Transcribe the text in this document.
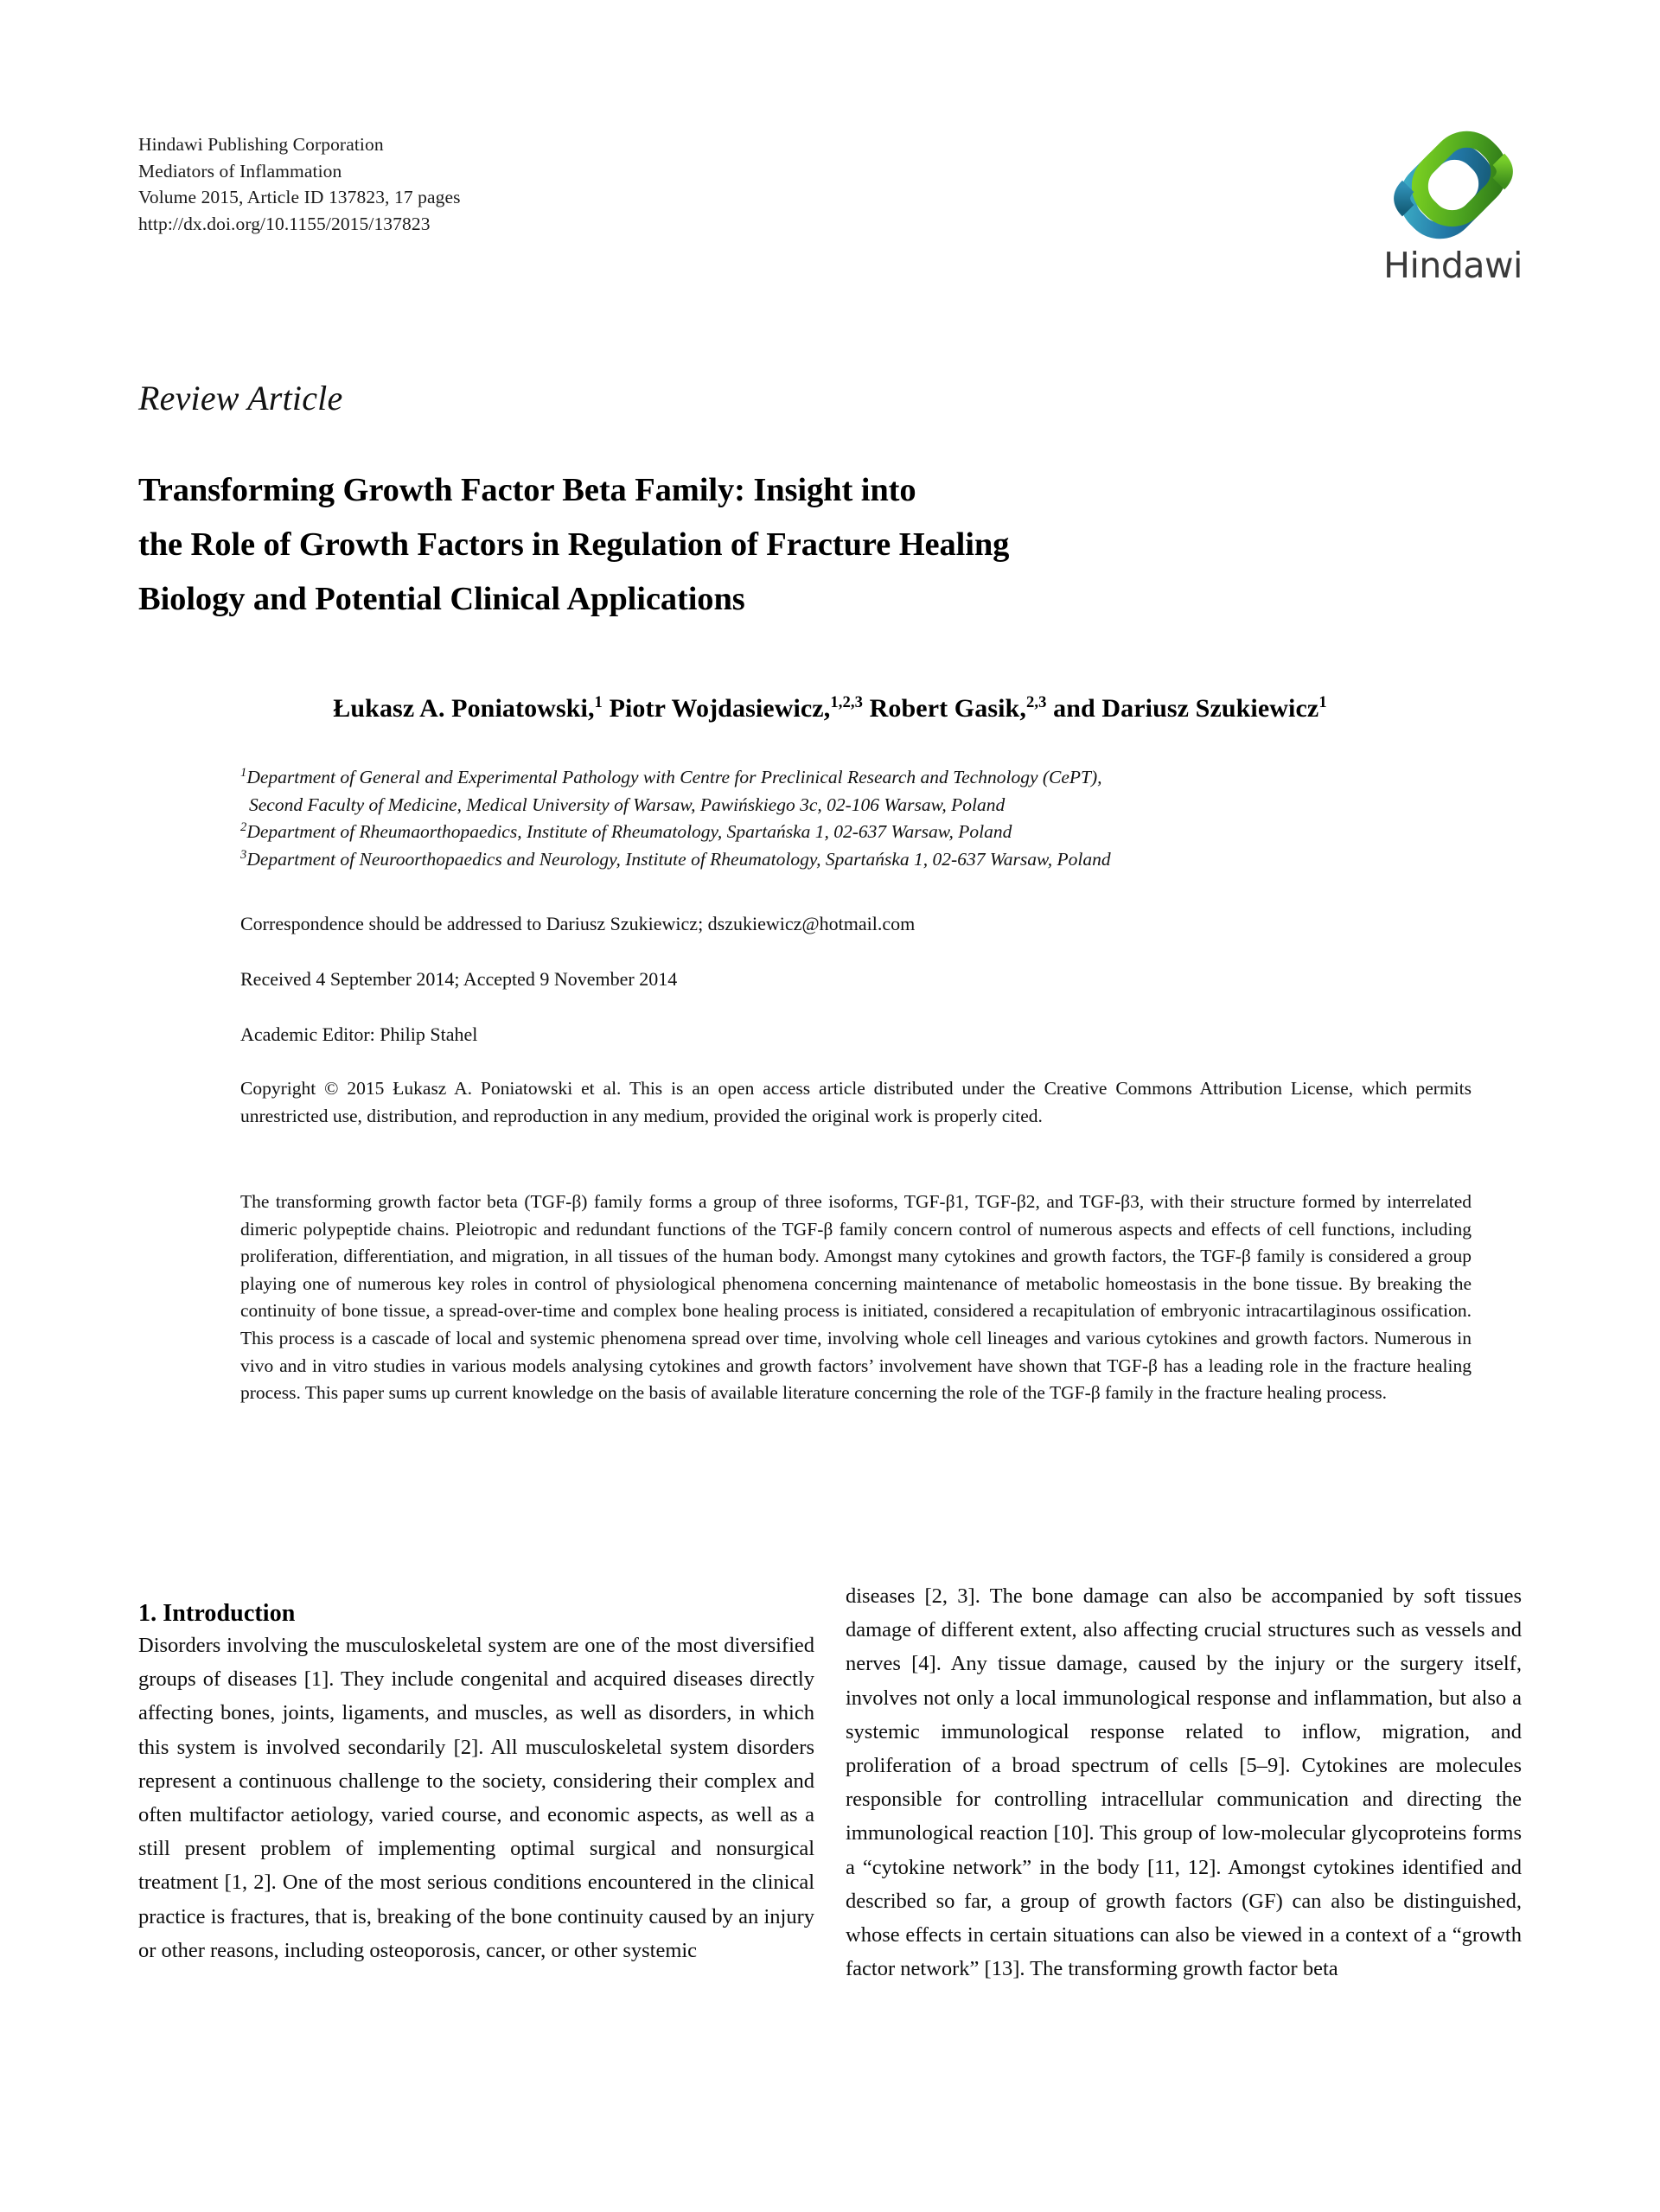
Hindawi Publishing Corporation
Mediators of Inflammation
Volume 2015, Article ID 137823, 17 pages
http://dx.doi.org/10.1155/2015/137823
Hindawi
Review Article
Transforming Growth Factor Beta Family: Insight into
the Role of Growth Factors in Regulation of Fracture Healing
Biology and Potential Clinical Applications
Łukasz A. Poniatowski,$^1$ Piotr Wojdasiewicz,$^{1,2,3}$ Robert Gasik,$^{2,3}$ and Dariusz Szukiewicz$^1$
$^1$Department of General and Experimental Pathology with Centre for Preclinical Research and Technology (CePT),
Second Faculty of Medicine, Medical University of Warsaw, Pawińskiego 3c, 02-106 Warsaw, Poland
$^2$Department of Rheumaorthopaedics, Institute of Rheumatology, Spartańska 1, 02-637 Warsaw, Poland
$^3$Department of Neuroorthopaedics and Neurology, Institute of Rheumatology, Spartańska 1, 02-637 Warsaw, Poland
Correspondence should be addressed to Dariusz Szukiewicz; dszukiewicz@hotmail.com
Received 4 September 2014; Accepted 9 November 2014
Academic Editor: Philip Stahel
Copyright © 2015 Łukasz A. Poniatowski et al. This is an open access article distributed under the Creative Commons Attribution License, which permits unrestricted use, distribution, and reproduction in any medium, provided the original work is properly cited.
The transforming growth factor beta (TGF-β) family forms a group of three isoforms, TGF-β1, TGF-β2, and TGF-β3, with their structure formed by interrelated dimeric polypeptide chains. Pleiotropic and redundant functions of the TGF-β family concern control of numerous aspects and effects of cell functions, including proliferation, differentiation, and migration, in all tissues of the human body. Amongst many cytokines and growth factors, the TGF-β family is considered a group playing one of numerous key roles in control of physiological phenomena concerning maintenance of metabolic homeostasis in the bone tissue. By breaking the continuity of bone tissue, a spread-over-time and complex bone healing process is initiated, considered a recapitulation of embryonic intracartilaginous ossification. This process is a cascade of local and systemic phenomena spread over time, involving whole cell lineages and various cytokines and growth factors. Numerous in vivo and in vitro studies in various models analysing cytokines and growth factors’ involvement have shown that TGF-β has a leading role in the fracture healing process. This paper sums up current knowledge on the basis of available literature concerning the role of the TGF-β family in the fracture healing process.
1. Introduction
Disorders involving the musculoskeletal system are one of the most diversified groups of diseases [1]. They include congenital and acquired diseases directly affecting bones, joints, ligaments, and muscles, as well as disorders, in which this system is involved secondarily [2]. All musculoskeletal system disorders represent a continuous challenge to the society, considering their complex and often multifactor aetiology, varied course, and economic aspects, as well as a still present problem of implementing optimal surgical and nonsurgical treatment [1, 2]. One of the most serious conditions encountered in the clinical practice is fractures, that is, breaking of the bone continuity caused by an injury or other reasons, including osteoporosis, cancer, or other systemic
diseases [2, 3]. The bone damage can also be accompanied by soft tissues damage of different extent, also affecting crucial structures such as vessels and nerves [4]. Any tissue damage, caused by the injury or the surgery itself, involves not only a local immunological response and inflammation, but also a systemic immunological response related to inflow, migration, and proliferation of a broad spectrum of cells [5–9]. Cytokines are molecules responsible for controlling intracellular communication and directing the immunological reaction [10]. This group of low-molecular glycoproteins forms a “cytokine network” in the body [11, 12]. Amongst cytokines identified and described so far, a group of growth factors (GF) can also be distinguished, whose effects in certain situations can also be viewed in a context of a “growth factor network” [13]. The transforming growth factor beta
